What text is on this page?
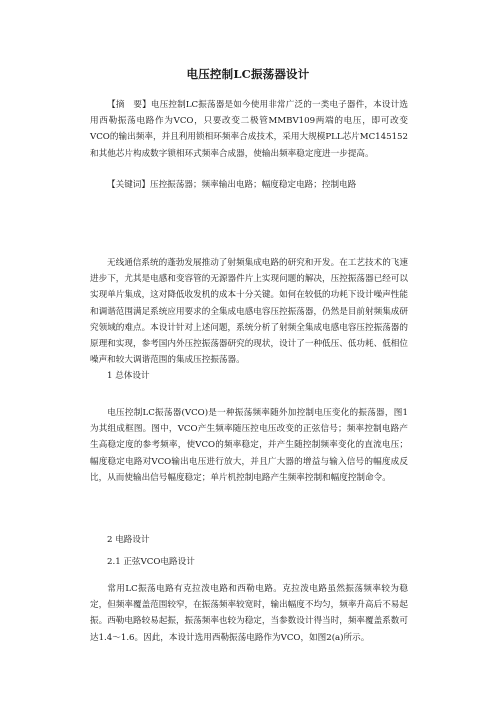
电压控制LC振荡器设计

【摘　要】电压控制LC振荡器是如今使用非常广泛的一类电子器件，本设计选用西勒振荡电路作为VCO，只要改变二极管MMBV109两端的电压，即可改变VCO的输出频率，并且利用锁相环频率合成技术，采用大规模PLL芯片MC145152和其他芯片构成数字锁相环式频率合成器，使输出频率稳定度进一步提高。

【关键词】压控振荡器；频率输出电路；幅度稳定电路；控制电路

无线通信系统的蓬勃发展推动了射频集成电路的研究和开发。在工艺技术的飞速进步下，尤其是电感和变容管的无源器件片上实现问题的解决，压控振荡器已经可以实现单片集成，这对降低收发机的成本十分关键。如何在较低的功耗下设计噪声性能和调谐范围满足系统应用要求的全集成电感电容压控振荡器，仍然是目前射频集成研究领域的难点。本设计针对上述问题，系统分析了射频全集成电感电容压控振荡器的原理和实现，参考国内外压控振荡器研究的现状，设计了一种低压、低功耗、低相位噪声和较大调谐范围的集成压控振荡器。

1 总体设计

电压控制LC振荡器(VCO)是一种振荡频率随外加控制电压变化的振荡器，图1为其组成框图。图中，VCO产生频率随压控电压改变的正弦信号；频率控制电路产生高稳定度的参考频率，使VCO的频率稳定，并产生随控制频率变化的直流电压；幅度稳定电路对VCO输出电压进行放大，并且广大器的增益与输入信号的幅度成反比，从而使输出信号幅度稳定；单片机控制电路产生频率控制和幅度控制命令。

2 电路设计

2.1 正弦VCO电路设计

常用LC振荡电路有克拉泼电路和西勒电路。克拉泼电路虽然振荡频率较为稳定，但频率覆盖范围较窄，在振荡频率较宽时，输出幅度不均匀，频率升高后不易起振。西勒电路较易起振，振荡频率也较为稳定，当参数设计得当时，频率覆盖系数可达1.4～1.6。因此，本设计选用西勒振荡电路作为VCO，如图2(a)所示。
